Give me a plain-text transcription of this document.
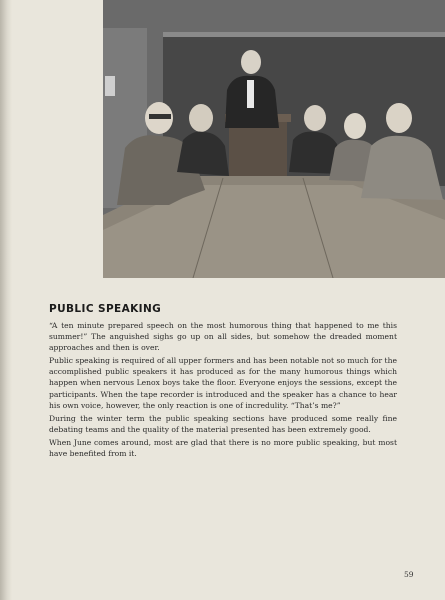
PUBLIC SPEAKING

“A ten minute prepared speech on the most humorous thing that happened to me this summer!” The anguished sighs go up on all sides, but somehow the dreaded moment approaches and then is over.

Public speaking is required of all upper formers and has been notable not so much for the accomplished public speakers it has produced as for the many humorous things which happen when nervous Lenox boys take the floor. Everyone enjoys the sessions, except the participants. When the tape recorder is introduced and the speaker has a chance to hear his own voice, however, the only reaction is one of incredulity. “That’s me?”

During the winter term the public speaking sections have produced some really fine debating teams and the quality of the material presented has been extremely good.

When June comes around, most are glad that there is no more public speaking, but most have benefited from it.

59
